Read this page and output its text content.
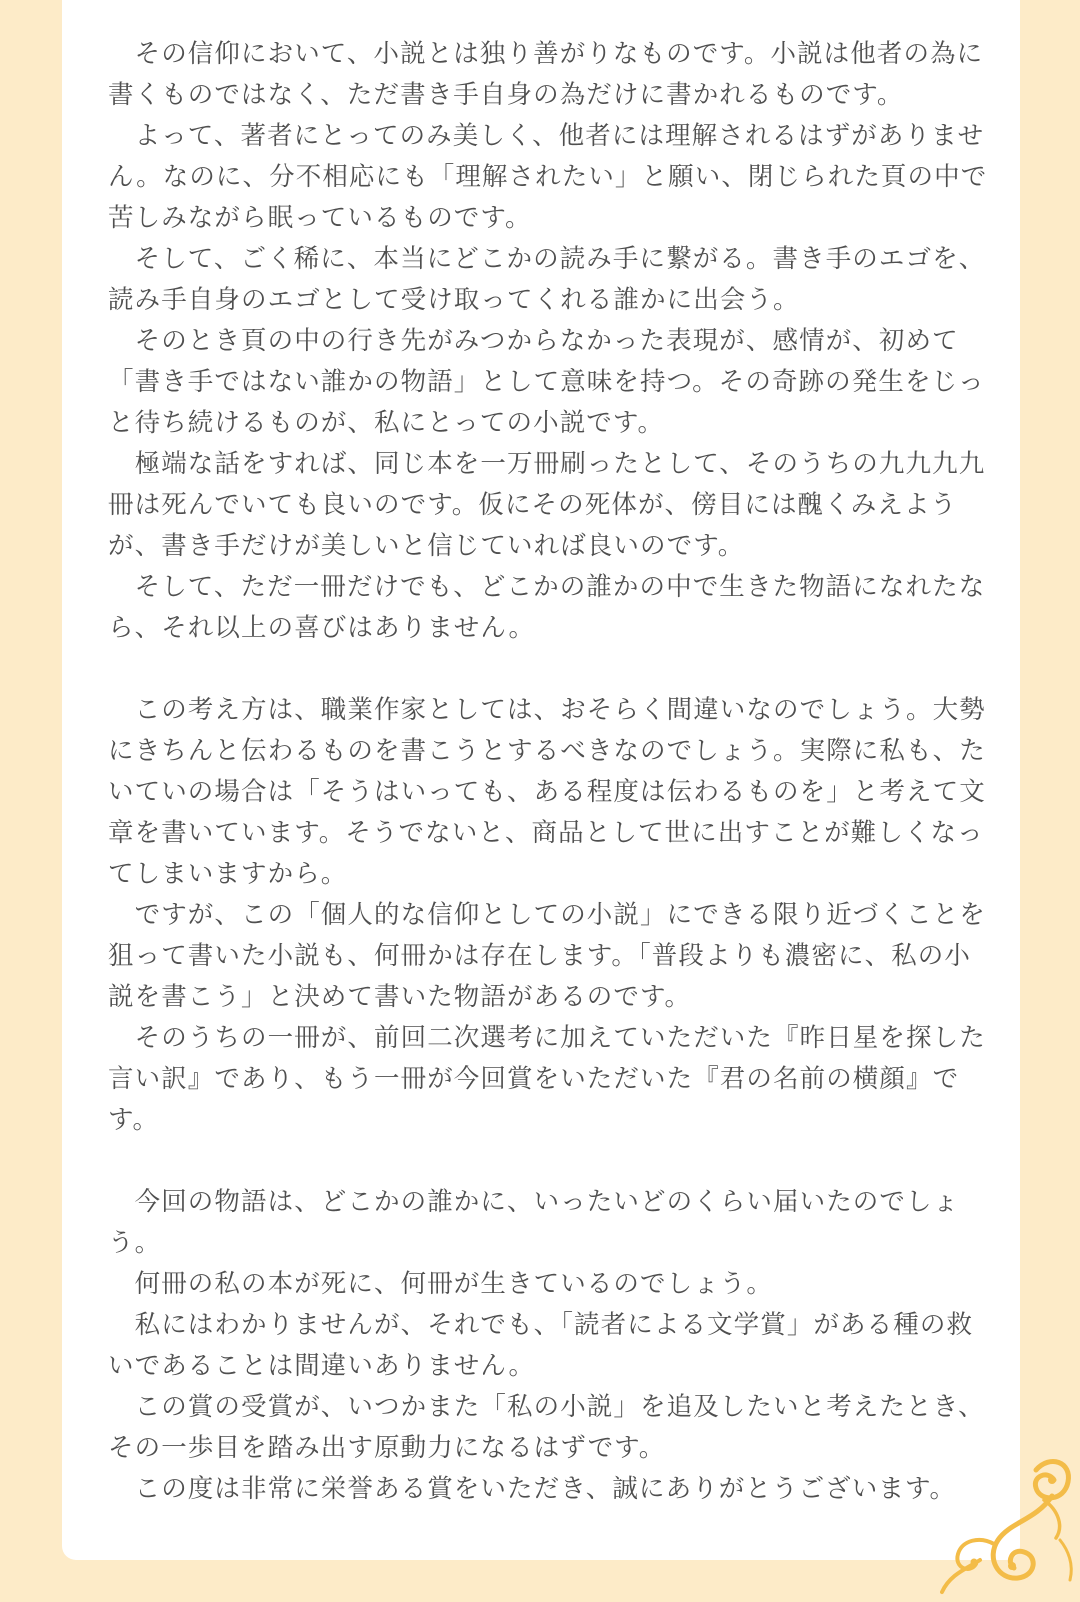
　その信仰において、小説とは独り善がりなものです。小説は他者の為に
書くものではなく、ただ書き手自身の為だけに書かれるものです。
　よって、著者にとってのみ美しく、他者には理解されるはずがありませ
ん。なのに、分不相応にも「理解されたい」と願い、閉じられた頁の中で
苦しみながら眠っているものです。
　そして、ごく稀に、本当にどこかの読み手に繋がる。書き手のエゴを、
読み手自身のエゴとして受け取ってくれる誰かに出会う。
　そのとき頁の中の行き先がみつからなかった表現が、感情が、初めて
「書き手ではない誰かの物語」として意味を持つ。その奇跡の発生をじっ
と待ち続けるものが、私にとっての小説です。
　極端な話をすれば、同じ本を一万冊刷ったとして、そのうちの九九九九
冊は死んでいても良いのです。仮にその死体が、傍目には醜くみえよう
が、書き手だけが美しいと信じていれば良いのです。
　そして、ただ一冊だけでも、どこかの誰かの中で生きた物語になれたな
ら、それ以上の喜びはありません。
　この考え方は、職業作家としては、おそらく間違いなのでしょう。大勢
にきちんと伝わるものを書こうとするべきなのでしょう。実際に私も、た
いていの場合は「そうはいっても、ある程度は伝わるものを」と考えて文
章を書いています。そうでないと、商品として世に出すことが難しくなっ
てしまいますから。
　ですが、この「個人的な信仰としての小説」にできる限り近づくことを
狙って書いた小説も、何冊かは存在します。「普段よりも濃密に、私の小
説を書こう」と決めて書いた物語があるのです。
　そのうちの一冊が、前回二次選考に加えていただいた『昨日星を探した
言い訳』であり、もう一冊が今回賞をいただいた『君の名前の横顔』で
す。
　今回の物語は、どこかの誰かに、いったいどのくらい届いたのでしょ
う。
　何冊の私の本が死に、何冊が生きているのでしょう。
　私にはわかりませんが、それでも、「読者による文学賞」がある種の救
いであることは間違いありません。
　この賞の受賞が、いつかまた「私の小説」を追及したいと考えたとき、
その一歩目を踏み出す原動力になるはずです。
　この度は非常に栄誉ある賞をいただき、誠にありがとうございます。
